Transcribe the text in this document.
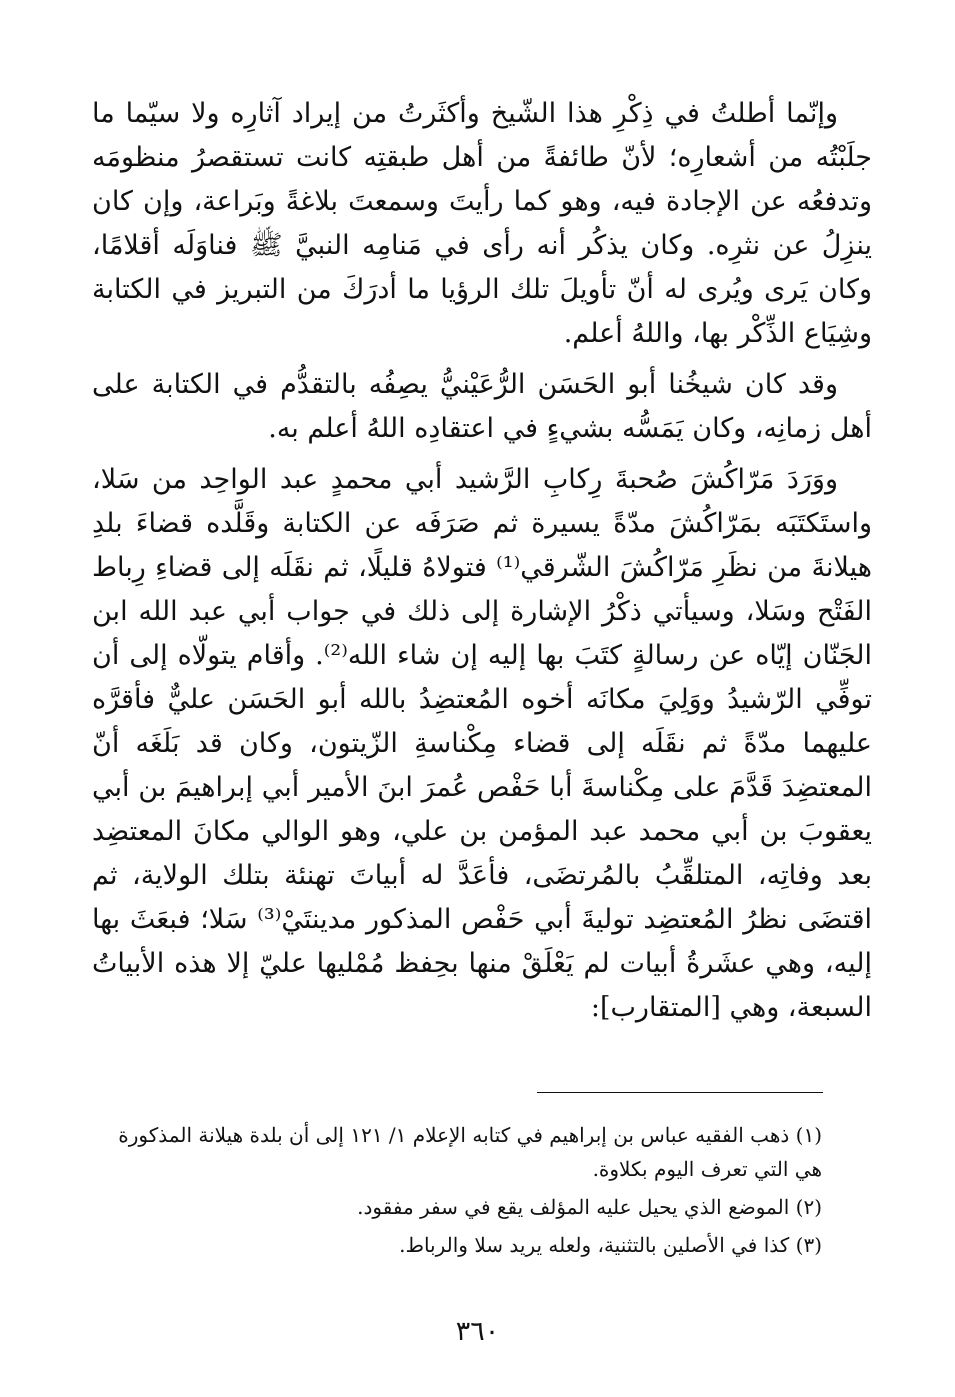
وإنّما أطلتُ في ذِكْرِ هذا الشّيخ وأكثَرتُ من إيراد آثارِه ولا سيّما ما جلَبْتُه من أشعارِه؛ لأنّ طائفةً من أهل طبقتِه كانت تستقصرُ منظومَه وتدفعُه عن الإجادة فيه، وهو كما رأيتَ وسمعتَ بلاغةً وبَراعة، وإن كان ينزِلُ عن نثرِه. وكان يذكُر أنه رأى في مَنامِه النبيَّ ﷺ فناوَلَه أقلامًا، وكان يَرى ويُرى له أنّ تأويلَ تلك الرؤيا ما أدرَكَ من التبريز في الكتابة وشِيَاع الذِّكْر بها، واللهُ أعلم.

وقد كان شيخُنا أبو الحَسَن الرُّعَيْنيُّ يصِفُه بالتقدُّم في الكتابة على أهل زمانِه، وكان يَمَسُّه بشيءٍ في اعتقادِه اللهُ أعلم به.

ووَرَدَ مَرّاكُشَ صُحبةَ رِكابِ الرَّشيد أبي محمدٍ عبد الواحِد من سَلا، واستَكتَبَه بمَرّاكُشَ مدّةً يسيرة ثم صَرَفَه عن الكتابة وقَلَّده قضاءَ بلدِ هيلانةَ من نظَرِ مَرّاكُشَ الشّرقي⁽¹⁾ فتولاهُ قليلًا، ثم نقَلَه إلى قضاءِ رِباط الفَتْح وسَلا، وسيأتي ذكْرُ الإشارة إلى ذلك في جواب أبي عبد الله ابن الجَنّان إيّاه عن رسالةٍ كتَبَ بها إليه إن شاء الله⁽²⁾. وأقام يتولّاه إلى أن توفِّي الرّشيدُ ووَلِيَ مكانَه أخوه المُعتضِدُ بالله أبو الحَسَن عليٌّ فأقرَّه عليهما مدّةً ثم نقَلَه إلى قضاء مِكْناسةِ الزّيتون، وكان قد بَلَغَه أنّ المعتضِدَ قَدَّمَ على مِكْناسةَ أبا حَفْص عُمرَ ابنَ الأمير أبي إبراهيمَ بن أبي يعقوبَ بن أبي محمد عبد المؤمن بن علي، وهو الوالي مكانَ المعتضِد بعد وفاتِه، المتلقِّبُ بالمُرتضَى، فأعَدَّ له أبياتَ تهنئة بتلك الولاية، ثم اقتضَى نظرُ المُعتضِد توليةَ أبي حَفْص المذكور مدينتَيْ⁽³⁾ سَلا؛ فبعَثَ بها إليه، وهي عشَرةُ أبيات لم يَعْلَقْ منها بحِفظ مُمْليها عليّ إلا هذه الأبياتُ السبعة، وهي [المتقارب]:

(١) ذهب الفقيه عباس بن إبراهيم في كتابه الإعلام ١/ ١٢١ إلى أن بلدة هيلانة المذكورة هي التي تعرف اليوم بكلاوة.

(٢) الموضع الذي يحيل عليه المؤلف يقع في سفر مفقود.

(٣) كذا في الأصلين بالتثنية، ولعله يريد سلا والرباط.

٣٦٠
